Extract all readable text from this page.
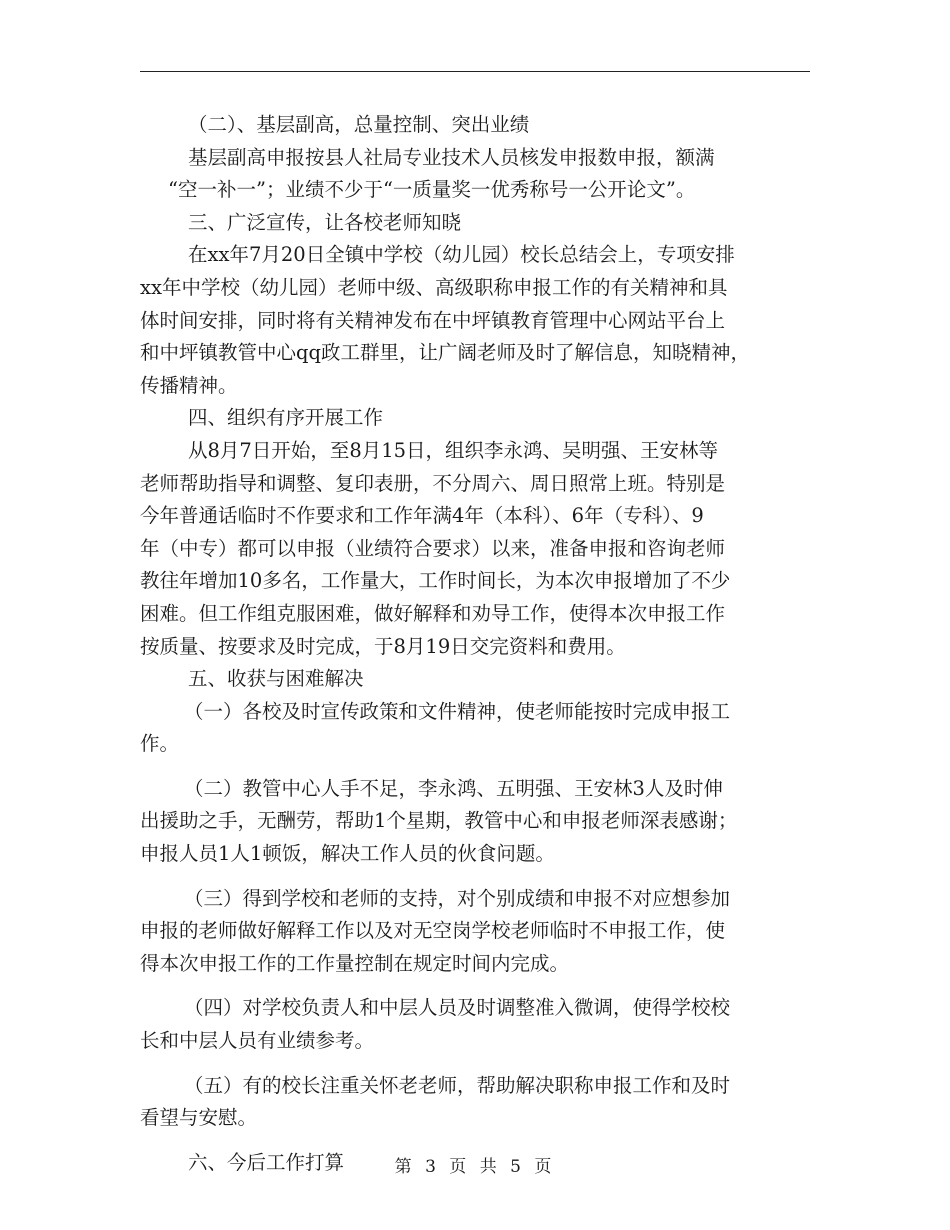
（二）、基层副高，总量控制、突出业绩
基层副高申报按县人社局专业技术人员核发申报数申报，额满
“空一补一”；业绩不少于“一质量奖一优秀称号一公开论文”。
三、广泛宣传，让各校老师知晓
在xx年7月20日全镇中学校（幼儿园）校长总结会上，专项安排
xx年中学校（幼儿园）老师中级、高级职称申报工作的有关精神和具
体时间安排，同时将有关精神发布在中坪镇教育管理中心网站平台上
和中坪镇教管中心qq政工群里，让广阔老师及时了解信息，知晓精神，
传播精神。
四、组织有序开展工作
从8月7日开始，至8月15日，组织李永鸿、吴明强、王安林等
老师帮助指导和调整、复印表册，不分周六、周日照常上班。特别是
今年普通话临时不作要求和工作年满4年（本科）、6年（专科）、9
年（中专）都可以申报（业绩符合要求）以来，准备申报和咨询老师
教往年增加10多名，工作量大，工作时间长，为本次申报增加了不少
困难。但工作组克服困难，做好解释和劝导工作，使得本次申报工作
按质量、按要求及时完成，于8月19日交完资料和费用。
五、收获与困难解决
（一）各校及时宣传政策和文件精神，使老师能按时完成申报工
作。
（二）教管中心人手不足，李永鸿、五明强、王安林3人及时伸
出援助之手，无酬劳，帮助1个星期，教管中心和申报老师深表感谢；
申报人员1人1顿饭，解决工作人员的伙食问题。
（三）得到学校和老师的支持，对个别成绩和申报不对应想参加
申报的老师做好解释工作以及对无空岗学校老师临时不申报工作，使
得本次申报工作的工作量控制在规定时间内完成。
（四）对学校负责人和中层人员及时调整准入微调，使得学校校
长和中层人员有业绩参考。
（五）有的校长注重关怀老老师，帮助解决职称申报工作和及时
看望与安慰。
六、今后工作打算	第 3 页 共 5 页
